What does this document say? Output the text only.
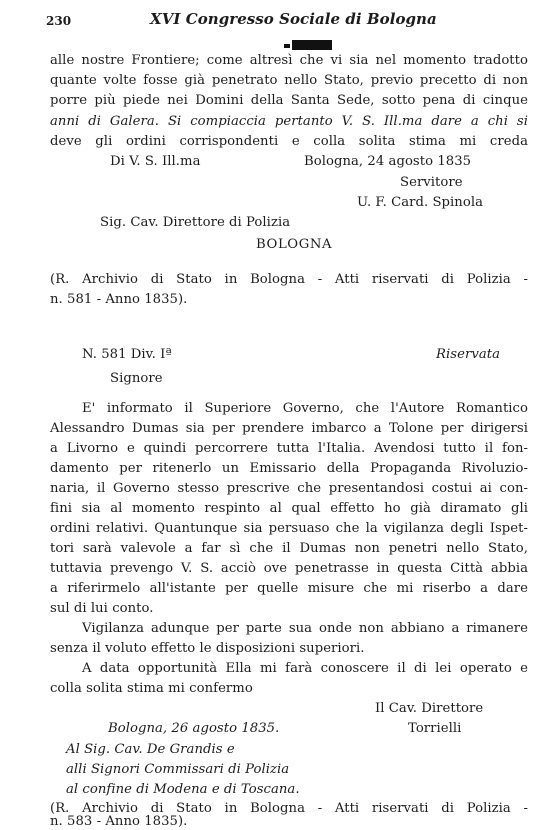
230	XVI Congresso Sociale di Bologna
alle nostre Frontiere; come altresì che vi sia nel momento tradotto
quante volte fosse già penetrato nello Stato, previo precetto di non
porre più piede nei Domini della Santa Sede, sotto pena di cinque
anni di Galera. Si compiaccia pertanto V. S. Ill.ma dare a chi si
deve gli ordini corrispondenti e colla solita stima mi creda
Di V. S. Ill.ma	Bologna, 24 agosto 1835
Servitore
U. F. Card. Spinola
Sig. Cav. Direttore di Polizia
BOLOGNA
(R. Archivio di Stato in Bologna - Atti riservati di Polizia -
n. 581 - Anno 1835).
N. 581 Div. Iª	Riservata
Signore
E' informato il Superiore Governo, che l'Autore Romantico
Alessandro Dumas sia per prendere imbarco a Tolone per dirigersi
a Livorno e quindi percorrere tutta l'Italia. Avendosi tutto il fon-
damento per ritenerlo un Emissario della Propaganda Rivoluzio-
naria, il Governo stesso prescrive che presentandosi costui ai con-
fini sia al momento respinto al qual effetto ho già diramato gli
ordini relativi. Quantunque sia persuaso che la vigilanza degli Ispet-
tori sarà valevole a far sì che il Dumas non penetri nello Stato,
tuttavia prevengo V. S. acciò ove penetrasse in questa Città abbia
a riferirmelo all'istante per quelle misure che mi riserbo a dare
sul di lui conto.
Vigilanza adunque per parte sua onde non abbiano a rimanere
senza il voluto effetto le disposizioni superiori.
A data opportunità Ella mi farà conoscere il di lei operato e
colla solita stima mi confermo
Il Cav. Direttore
Bologna, 26 agosto 1835.	Torrielli
Al Sig. Cav. De Grandis e
alli Signori Commissari di Polizia
al confine di Modena e di Toscana.
(R. Archivio di Stato in Bologna - Atti riservati di Polizia -
n. 583 - Anno 1835).
